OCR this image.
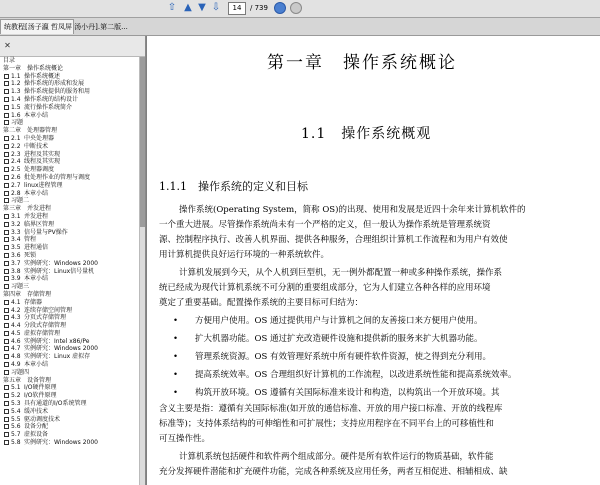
⇧ ▲ ▼ ⇩
14	/ 739
统教程[汤子瀛 哲凤屏 汤小丹].第二版...
✕
目录
第一章　操作系统概论
1.1 操作系统概述
1.2 操作系统的形成和发展
1.3 操作系统提供的服务和用
1.4 操作系统的结构设计
1.5 流行操作系统简介
1.6 本章小结
习题
第二章　处理器管理
2.1 中央处理器
2.2 中断技术
2.3 进程及其实现
2.4 线程及其实现
2.5 处理器调度
2.6 批处理作业的管理与调度
2.7 linux进程管理
2.8 本章小结
习题二
第三章　并发进程
3.1 并发进程
3.2 临界区管理
3.3 信号量与PV操作
3.4 管程
3.5 进程通信
3.6 死锁
3.7 实例研究：Windows 2000
3.8 实例研究：Linux信号量机
3.9 本章小结
习题三
第四章　存储管理
4.1 存储器
4.2 连续存储空间管理
4.3 分页式存储管理
4.4 分段式存储管理
4.5 虚拟存储管理
4.6 实例研究：Intel x86/Pe
4.7 实例研究：Windows 2000
4.8 实例研究：Linux 虚拟存
4.9 本章小结
习题四
第五章　设备管理
5.1 I/O硬件原理
5.2 I/O软件原理
5.3 具有通道的I/O系统管理
5.4 缓冲技术
5.5 驱动调度技术
5.6 设备分配
5.7 虚拟设备
5.8 实例研究：Windows 2000
第一章　操作系统概论
1.1　操作系统概观
1.1.1　操作系统的定义和目标
操作系统(Operating System，简称 OS)的出现、使用和发展是近四十余年来计算机软件的
一个重大进展。尽管操作系统尚未有一个严格的定义，但一般认为操作系统是管理系统资
源、控制程序执行、改善人机界面、提供各种服务，合理组织计算机工作流程和为用户有效使
用计算机提供良好运行环境的一种系统软件。
计算机发展到今天，从个人机到巨型机，无一例外都配置一种或多种操作系统，操作系
统已经成为现代计算机系统不可分割的重要组成部分，它为人们建立各种各样的应用环境
奠定了重要基础。配置操作系统的主要目标可归结为：
• 方便用户使用。OS 通过提供用户与计算机之间的友善接口来方便用户使用。
• 扩大机器功能。OS 通过扩充改造硬件设施和提供新的服务来扩大机器功能。
• 管理系统资源。OS 有效管理好系统中所有硬件软件资源，使之得到充分利用。
• 提高系统效率。OS 合理组织好计算机的工作流程，以改进系统性能和提高系统效率。
• 构筑开放环境。OS 遵循有关国际标准来设计和构造，以构筑出一个开放环境。其
含义主要是指：遵循有关国际标准(如开放的通信标准、开放的用户接口标准、开放的线程库
标准等)；支持体系结构的可伸缩性和可扩展性；支持应用程序在不同平台上的可移植性和
可互操作性。
计算机系统包括硬件和软件两个组成部分。硬件是所有软件运行的物质基础，软件能
充分发挥硬件潜能和扩充硬件功能，完成各种系统及应用任务，两者互相促进、相辅相成、缺
